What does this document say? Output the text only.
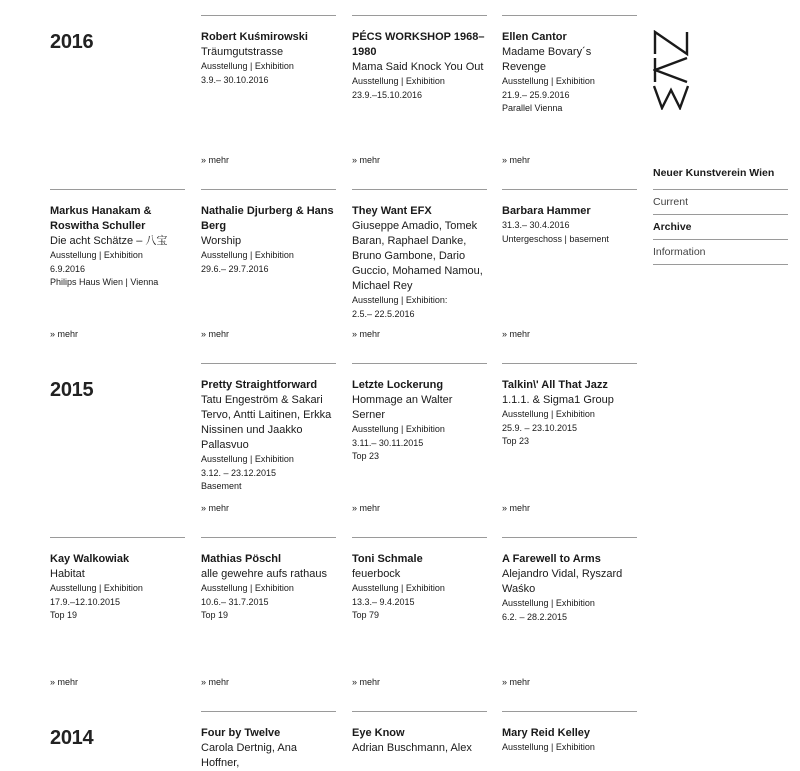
2016
2015
2014
Robert Kuśmirowski
Träumgutstrasse
Ausstellung | Exhibition
3.9.– 30.10.2016
» mehr
PÉCS WORKSHOP 1968–1980
Mama Said Knock You Out
Ausstellung | Exhibition
23.9.–15.10.2016
» mehr
Ellen Cantor
Madame Bovary´s Revenge
Ausstellung | Exhibition
21.9.– 25.9.2016
Parallel Vienna
» mehr
Markus Hanakam & Roswitha Schuller
Die acht Schätze – 八宝
Ausstellung | Exhibition
6.9.2016
Philips Haus Wien | Vienna
» mehr
Nathalie Djurberg & Hans Berg
Worship
Ausstellung | Exhibition
29.6.– 29.7.2016
» mehr
They Want EFX
Giuseppe Amadio, Tomek Baran, Raphael Danke, Bruno Gambone, Dario Guccio, Mohamed Namou, Michael Rey
Ausstellung | Exhibition:
2.5.– 22.5.2016
» mehr
Barbara Hammer
31.3.– 30.4.2016
Untergeschoss | basement
» mehr
Pretty Straightforward
Tatu Engeström & Sakari Tervo, Antti Laitinen, Erkka Nissinen und Jaakko Pallasvuo
Ausstellung | Exhibition
3.12. – 23.12.2015
Basement
» mehr
Letzte Lockerung
Hommage an Walter Serner
Ausstellung | Exhibition
3.11.– 30.11.2015
Top 23
» mehr
Talkin\' All That Jazz
1.1.1. & Sigma1 Group
Ausstellung | Exhibition
25.9. – 23.10.2015
Top 23
» mehr
Kay Walkowiak
Habitat
Ausstellung | Exhibition
17.9.–12.10.2015
Top 19
» mehr
Mathias Pöschl
alle gewehre aufs rathaus
Ausstellung | Exhibition
10.6.– 31.7.2015
Top 19
» mehr
Toni Schmale
feuerbock
Ausstellung | Exhibition
13.3.– 9.4.2015
Top 79
» mehr
A Farewell to Arms
Alejandro Vidal, Ryszard Waśko
Ausstellung | Exhibition
6.2. – 28.2.2015
» mehr
Four by Twelve
Carola Dertnig, Ana Hoffner,
Eye Know
Adrian Buschmann, Alex
Mary Reid Kelley
Ausstellung | Exhibition
Neuer Kunstverein Wien
Current
Archive
Information
